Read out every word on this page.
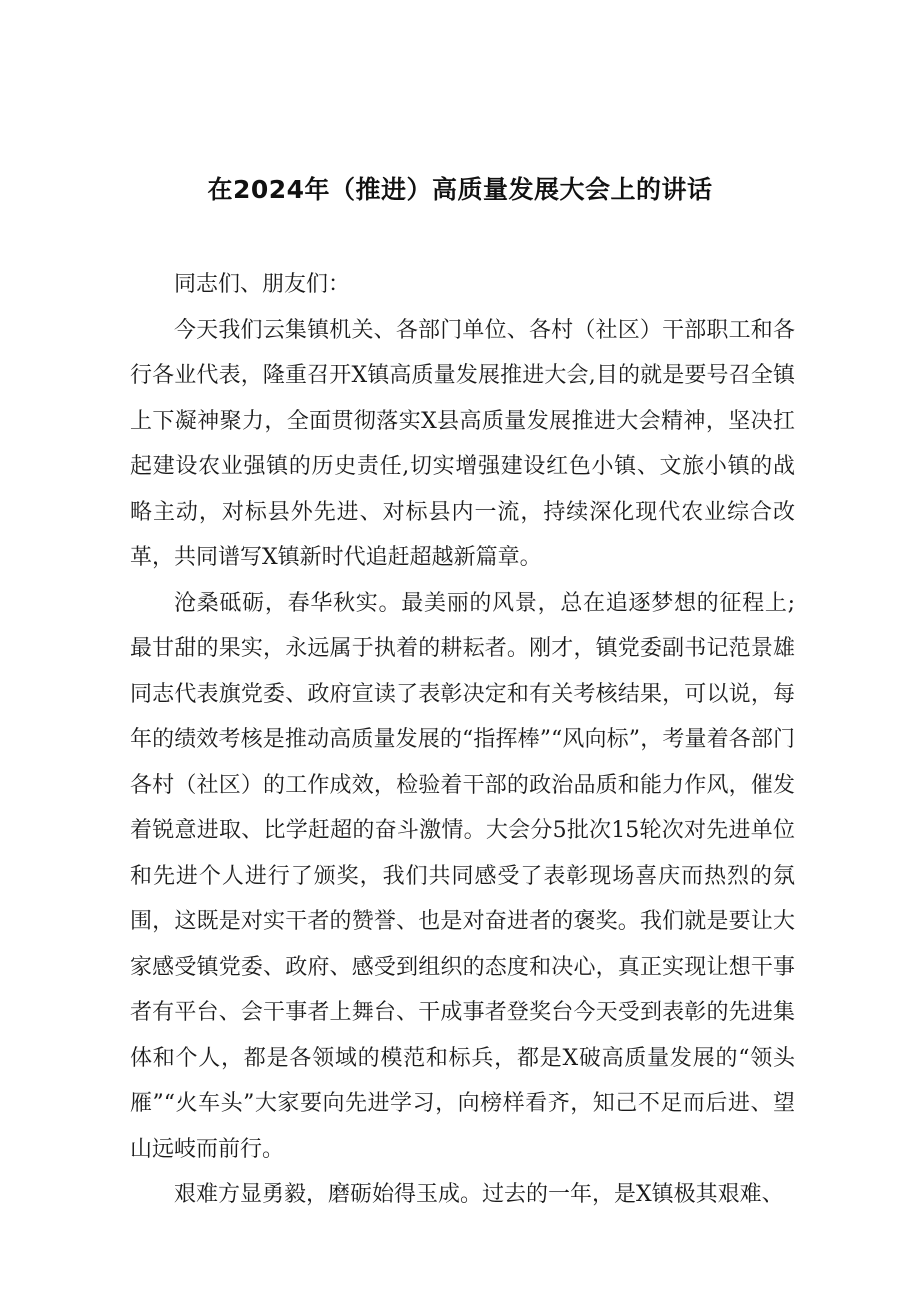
在2024年（推进）高质量发展大会上的讲话

同志们、朋友们：

今天我们云集镇机关、各部门单位、各村（社区）干部职工和各行各业代表，隆重召开X镇高质量发展推进大会,目的就是要号召全镇上下凝神聚力，全面贯彻落实X县高质量发展推进大会精神，坚决扛起建设农业强镇的历史责任,切实增强建设红色小镇、文旅小镇的战略主动，对标县外先进、对标县内一流，持续深化现代农业综合改革，共同谱写X镇新时代追赶超越新篇章。

沧桑砥砺，春华秋实。最美丽的风景，总在追逐梦想的征程上;最甘甜的果实，永远属于执着的耕耘者。刚才，镇党委副书记范景雄同志代表旗党委、政府宣读了表彰决定和有关考核结果，可以说，每年的绩效考核是推动高质量发展的“指挥棒”“风向标”，考量着各部门各村（社区）的工作成效，检验着干部的政治品质和能力作风，催发着锐意进取、比学赶超的奋斗激情。大会分5批次15轮次对先进单位和先进个人进行了颁奖，我们共同感受了表彰现场喜庆而热烈的氛围，这既是对实干者的赞誉、也是对奋进者的褒奖。我们就是要让大家感受镇党委、政府、感受到组织的态度和决心，真正实现让想干事者有平台、会干事者上舞台、干成事者登奖台今天受到表彰的先进集体和个人，都是各领域的模范和标兵，都是X破高质量发展的“领头雁”“火车头”大家要向先进学习，向榜样看齐，知己不足而后进、望山远岐而前行。

艰难方显勇毅，磨砺始得玉成。过去的一年，是X镇极其艰难、
